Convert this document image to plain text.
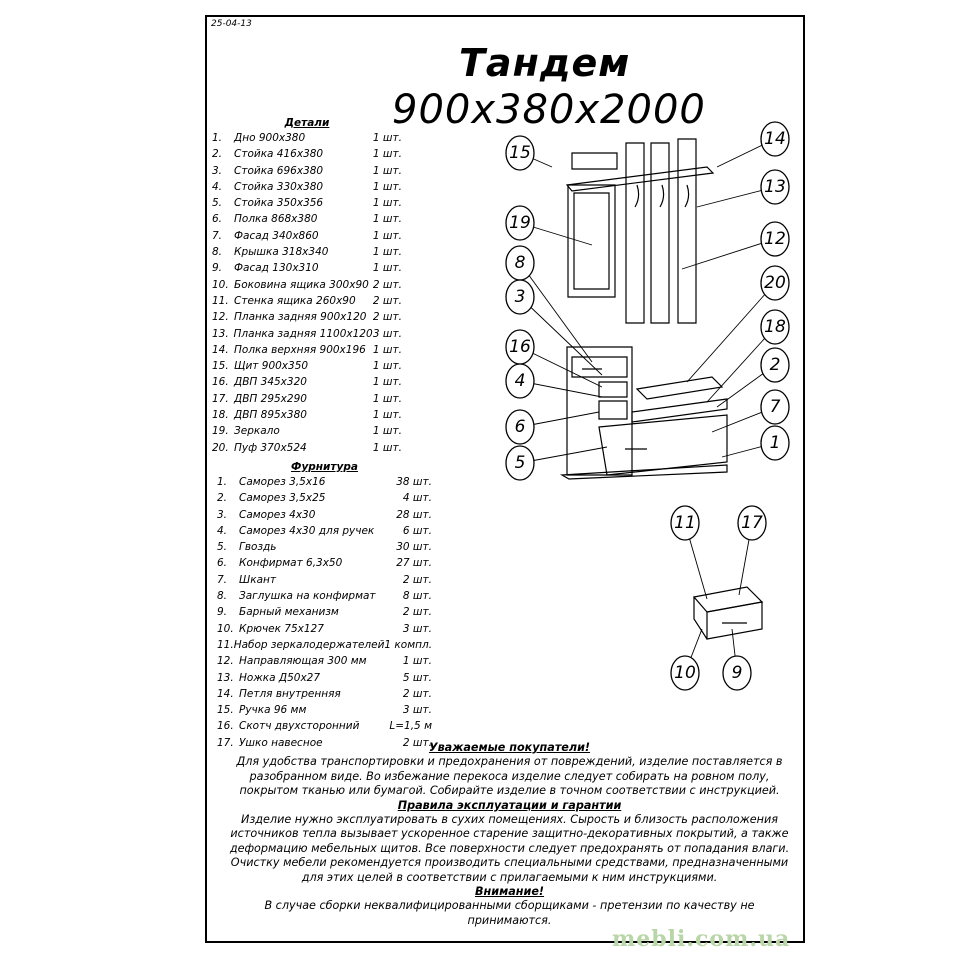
25-04-13
Тандем
900x380x2000
Детали
1.	Дно 900x380	1 шт.
2.	Стойка 416x380	1 шт.
3.	Стойка 696x380	1 шт.
4.	Стойка 330x380	1 шт.
5.	Стойка 350x356	1 шт.
6.	Полка 868x380	1 шт.
7.	Фасад 340x860	1 шт.
8.	Крышка 318x340	1 шт.
9.	Фасад 130x310	1 шт.
10. Боковина ящика 300x90 2 шт.
11. Стенка ящика 260x90	2 шт.
12. Планка задняя 900x120 2 шт.
13. Планка задняя 1100x120 3 шт.
14. Полка верхняя 900x196 1 шт.
15. Щит 900x350	1 шт.
16. ДВП 345x320	1 шт.
17. ДВП 295x290	1 шт.
18. ДВП 895x380	1 шт.
19. Зеркало	1 шт.
20. Пуф 370x524	1 шт.
Фурнитура
1.	Саморез 3,5x16	38 шт.
2.	Саморез 3,5x25	4 шт.
3.	Саморез 4x30	28 шт.
4.	Саморез 4x30 для ручек	6 шт.
5.	Гвоздь	30 шт.
6.	Конфирмат 6,3x50	27 шт.
7.	Шкант	2 шт.
8.	Заглушка на конфирмат	8 шт.
9.	Барный механизм	2 шт.
10. Крючек 75x127	3 шт.
11. Набор зеркалодержателей 1 компл.
12. Направляющая 300 мм	1 шт.
13. Ножка Д50x27	5 шт.
14. Петля внутренняя	2 шт.
15. Ручка 96 мм	3 шт.
16. Скотч двухсторонний	L=1,5 м
17. Ушко навесное	2 шт.

Уважаемые покупатели!

Для удобства транспортировки и предохранения от повреждений, изделие поставляется в разобранном виде. Во избежание перекоса изделие следует собирать на ровном полу, покрытом тканью или бумагой. Собирайте изделие в точном соответствии с инструкцией.

Правила эксплуатации и гарантии

Изделие нужно эксплуатировать в сухих помещениях. Сырость и близость расположения источников тепла вызывает ускоренное старение защитно-декоративных покрытий, а также деформацию мебельных щитов. Все поверхности следует предохранять от попадания влаги. Очистку мебели рекомендуется производить специальными средствами, предназначенными для этих целей в соответствии с прилагаемыми к ним инструкциями.

Внимание!

В случае сборки неквалифицированными сборщиками - претензии по качеству не принимаются.

15
14
19
13
8
12
3
20
16
18
4
2
6
7
5
1
11	17
10 9
mebli.com.ua
